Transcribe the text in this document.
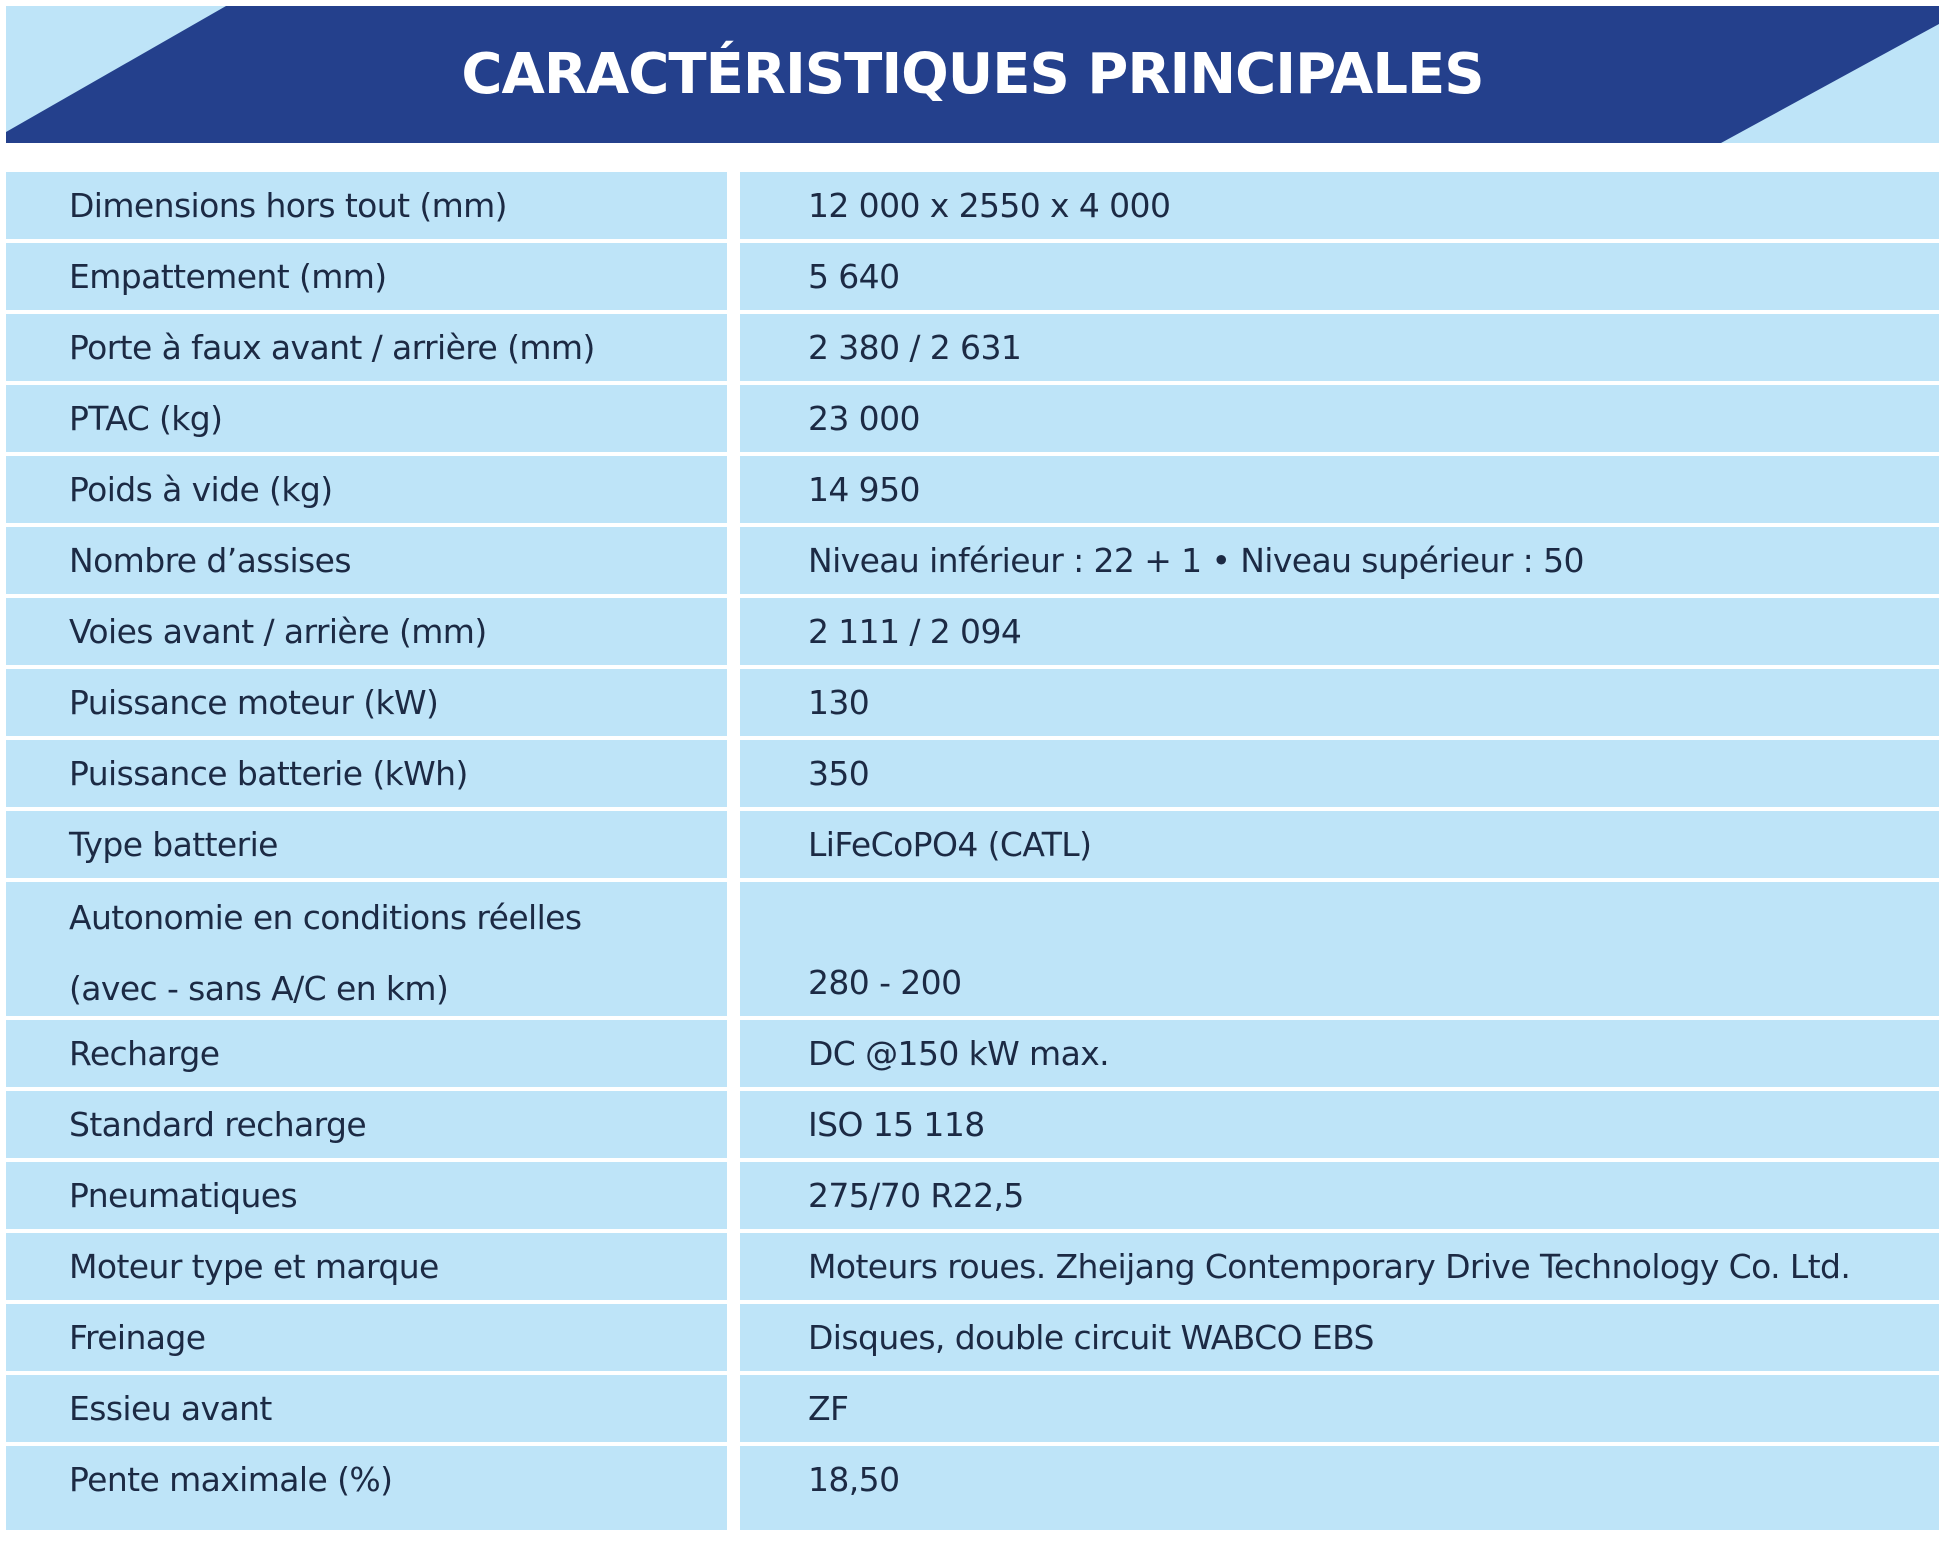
CARACTÉRISTIQUES PRINCIPALES
Dimensions hors tout (mm)	12 000 x 2550 x 4 000
Empattement (mm)	5 640
Porte à faux avant / arrière (mm)	2 380 / 2 631
PTAC (kg)	23 000
Poids à vide (kg)	14 950
Nombre d’assises	Niveau inférieur : 22 + 1 • Niveau supérieur : 50
Voies avant / arrière (mm)	2 111 / 2 094
Puissance moteur (kW)	130
Puissance batterie (kWh)	350
Type batterie	LiFeCoPO4 (CATL)
Autonomie en conditions réelles
(avec - sans A/C en km)	280 - 200
Recharge	DC @150 kW max.
Standard recharge	ISO 15 118
Pneumatiques	275/70 R22,5
Moteur type et marque	Moteurs roues. Zheijang Contemporary Drive Technology Co. Ltd.
Freinage	Disques, double circuit WABCO EBS
Essieu avant	ZF
Pente maximale (%)	18,50
